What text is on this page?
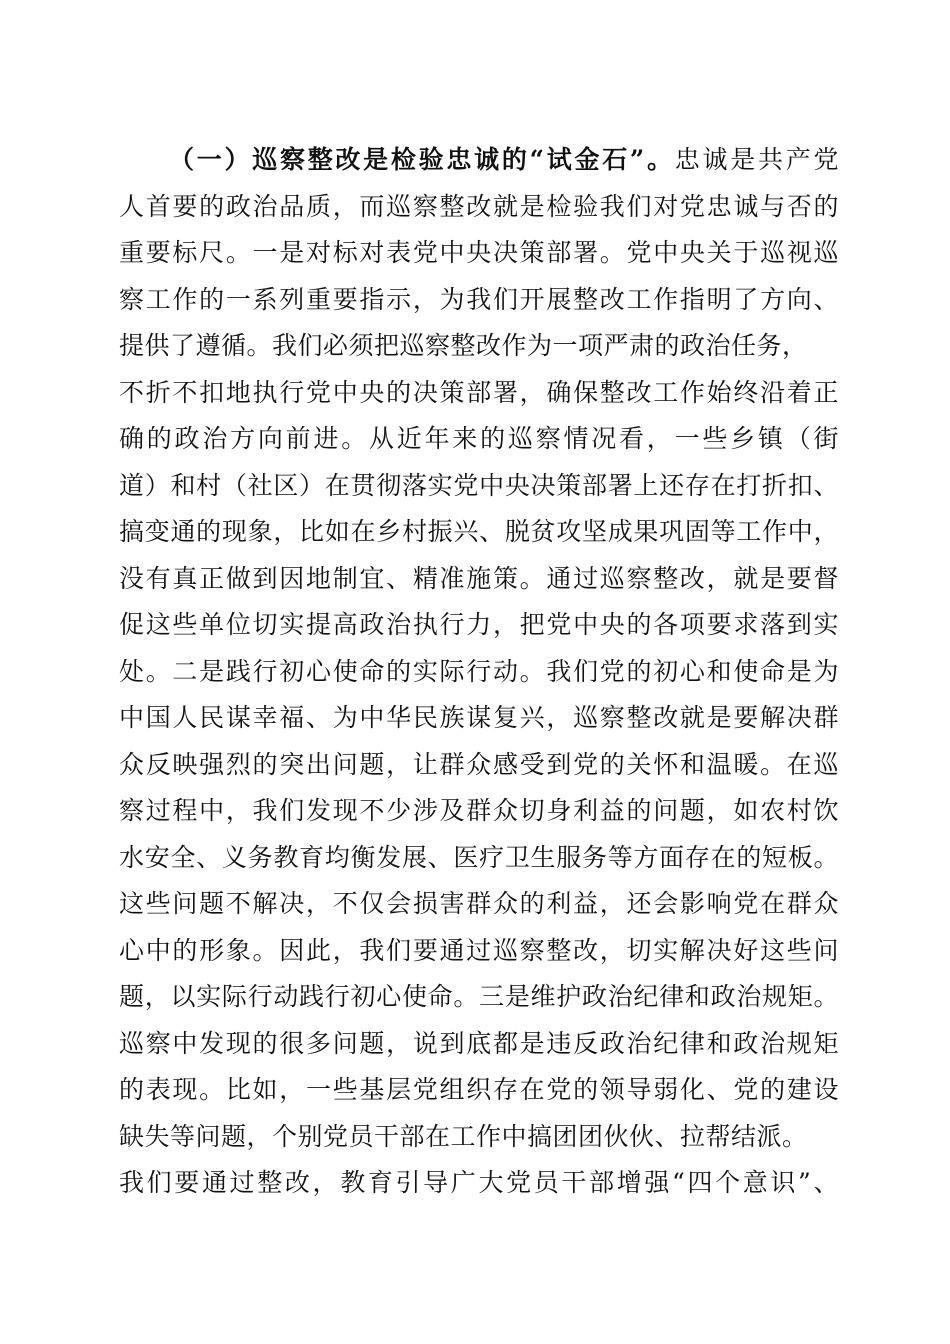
（一）巡察整改是检验忠诚的“试金石”。忠诚是共产党
人首要的政治品质，而巡察整改就是检验我们对党忠诚与否的
重要标尺。一是对标对表党中央决策部署。党中央关于巡视巡
察工作的一系列重要指示，为我们开展整改工作指明了方向、
提供了遵循。我们必须把巡察整改作为一项严肃的政治任务，
不折不扣地执行党中央的决策部署，确保整改工作始终沿着正
确的政治方向前进。从近年来的巡察情况看，一些乡镇（街
道）和村（社区）在贯彻落实党中央决策部署上还存在打折扣、
搞变通的现象，比如在乡村振兴、脱贫攻坚成果巩固等工作中，
没有真正做到因地制宜、精准施策。通过巡察整改，就是要督
促这些单位切实提高政治执行力，把党中央的各项要求落到实
处。二是践行初心使命的实际行动。我们党的初心和使命是为
中国人民谋幸福、为中华民族谋复兴，巡察整改就是要解决群
众反映强烈的突出问题，让群众感受到党的关怀和温暖。在巡
察过程中，我们发现不少涉及群众切身利益的问题，如农村饮
水安全、义务教育均衡发展、医疗卫生服务等方面存在的短板。
这些问题不解决，不仅会损害群众的利益，还会影响党在群众
心中的形象。因此，我们要通过巡察整改，切实解决好这些问
题，以实际行动践行初心使命。三是维护政治纪律和政治规矩。
巡察中发现的很多问题，说到底都是违反政治纪律和政治规矩
的表现。比如，一些基层党组织存在党的领导弱化、党的建设
缺失等问题，个别党员干部在工作中搞团团伙伙、拉帮结派。
我们要通过整改，教育引导广大党员干部增强“四个意识”、
